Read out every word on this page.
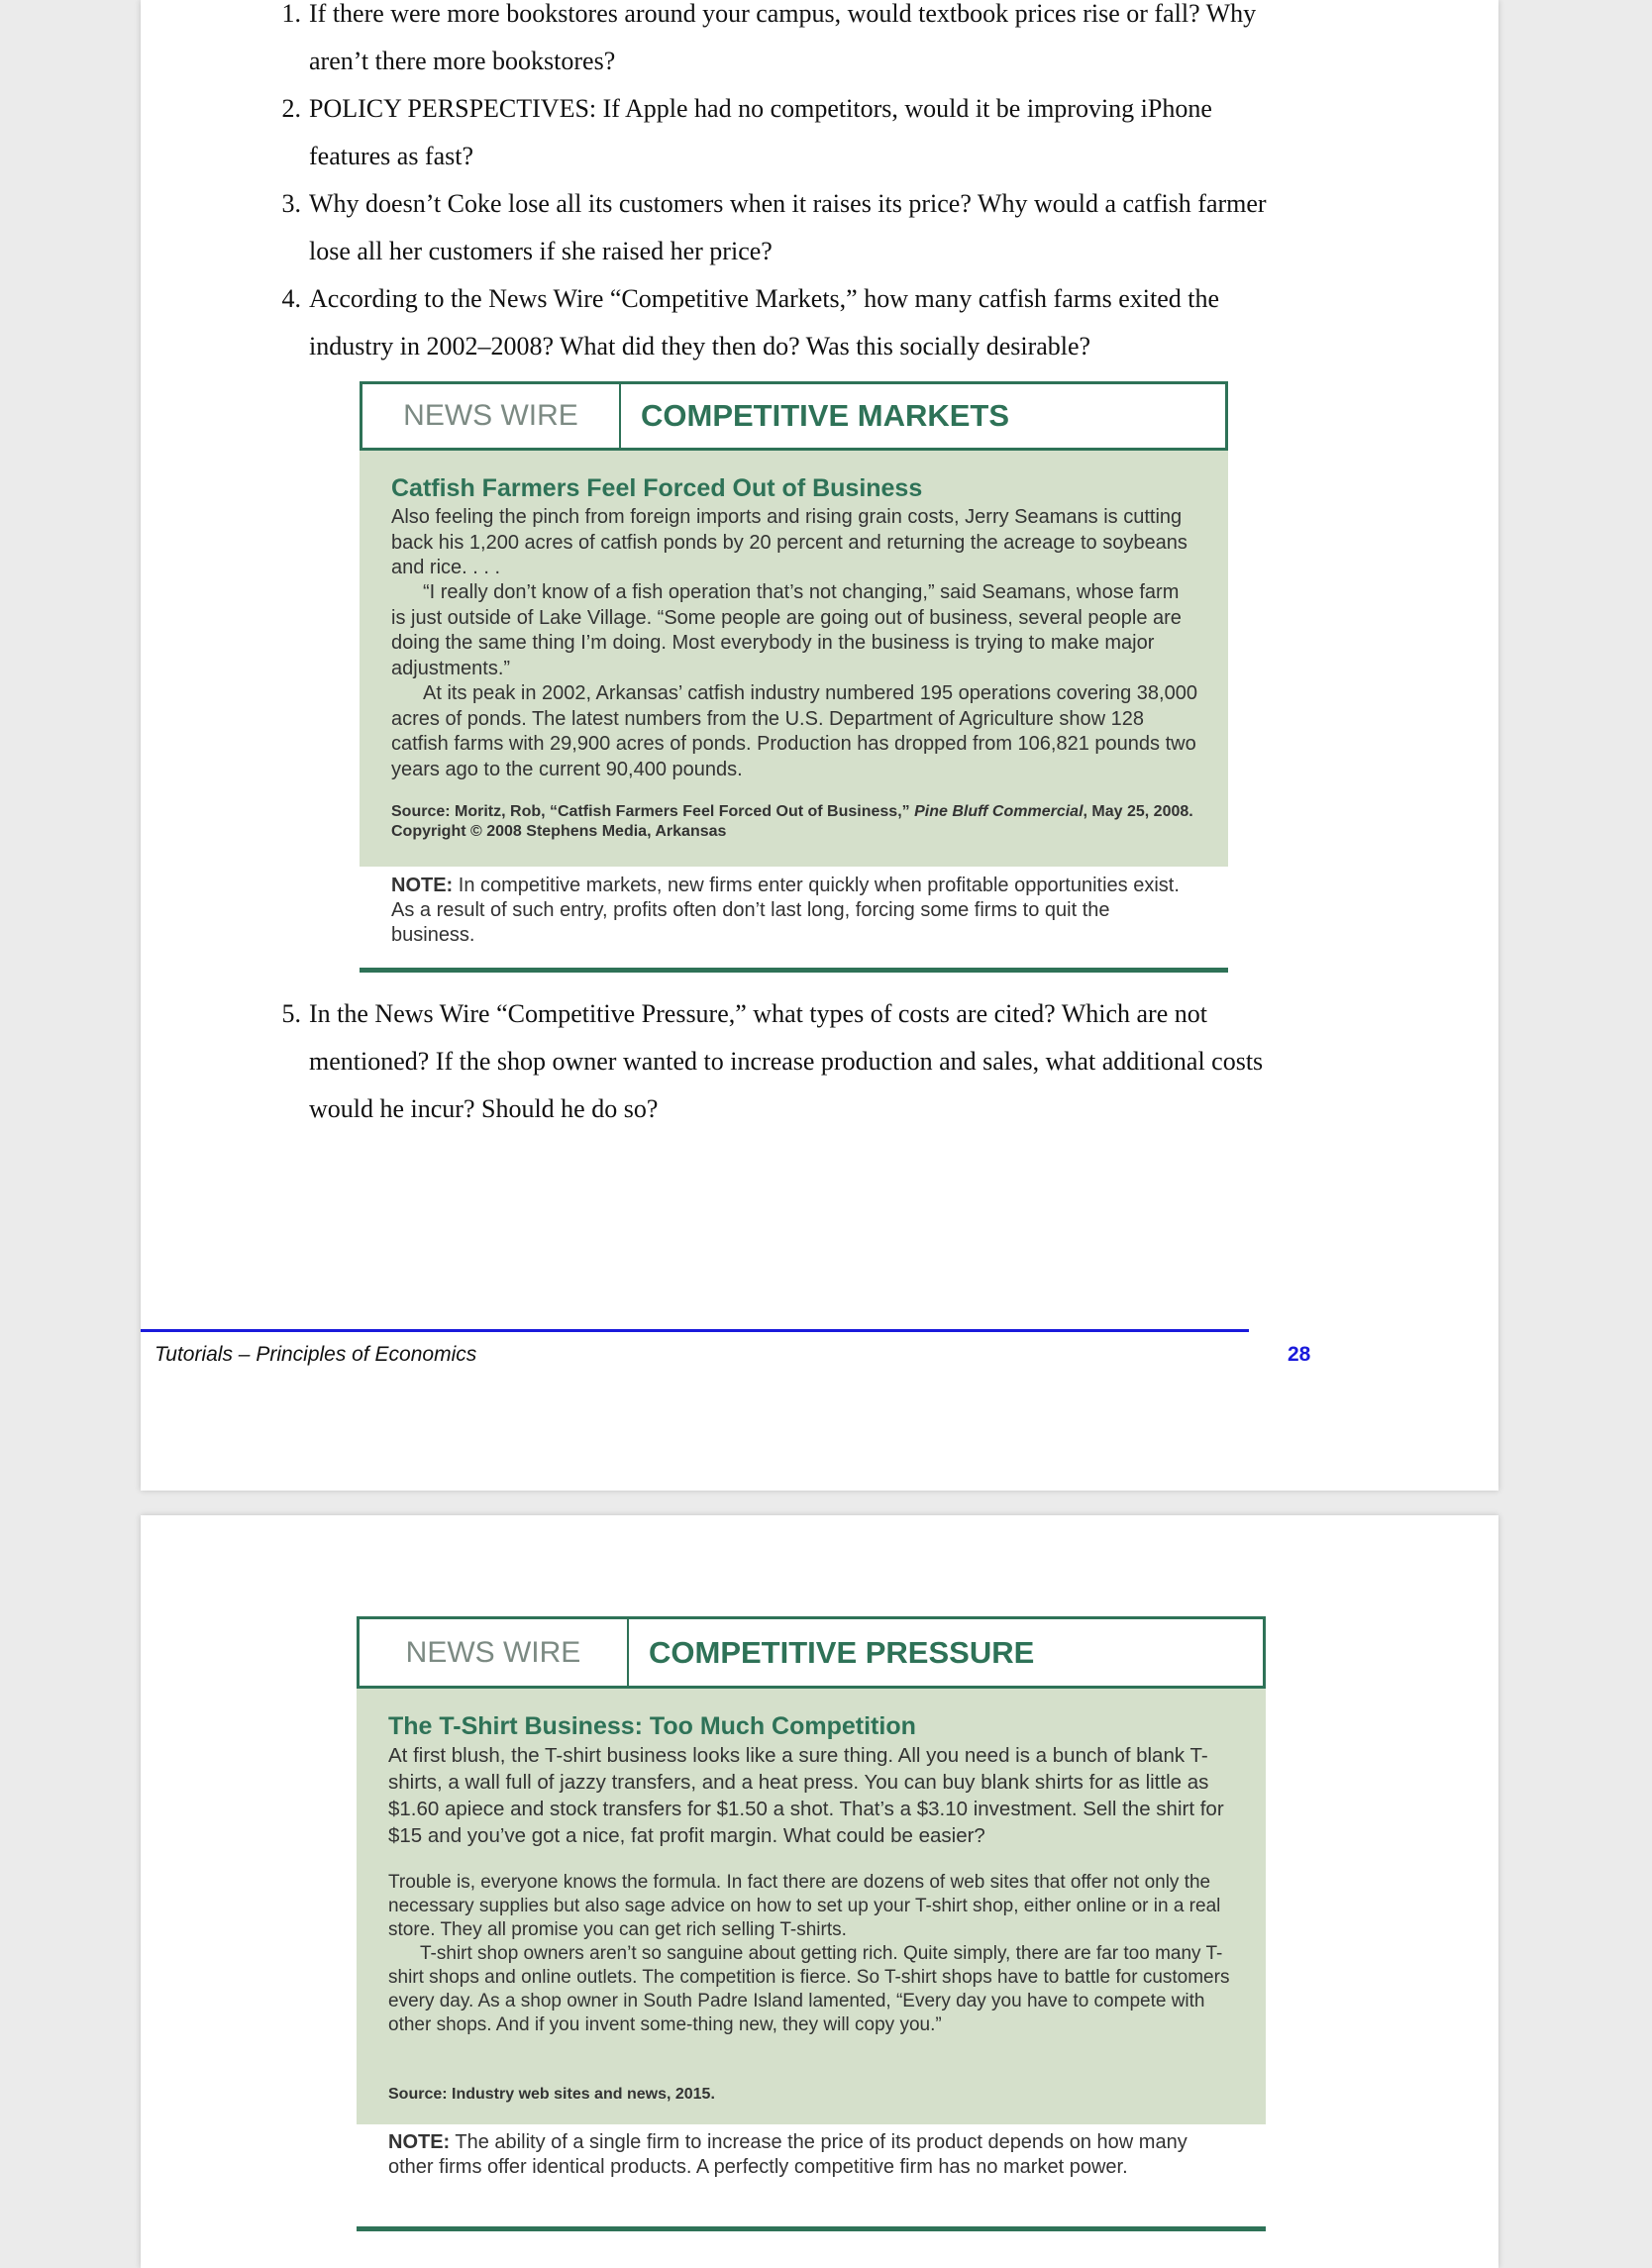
1. If there were more bookstores around your campus, would textbook prices rise or fall? Why aren’t there more bookstores?
2. POLICY PERSPECTIVES: If Apple had no competitors, would it be improving iPhone features as fast?
3. Why doesn’t Coke lose all its customers when it raises its price? Why would a catfish farmer lose all her customers if she raised her price?
4. According to the News Wire “Competitive Markets,” how many catfish farms exited the industry in 2002–2008? What did they then do? Was this socially desirable?
NEWS WIRE	COMPETITIVE MARKETS
Catfish Farmers Feel Forced Out of Business

Also feeling the pinch from foreign imports and rising grain costs, Jerry Seamans is cutting back his 1,200 acres of catfish ponds by 20 percent and returning the acreage to soybeans and rice. . . .

“I really don’t know of a fish operation that’s not changing,” said Seamans, whose farm is just outside of Lake Village. “Some people are going out of business, several people are doing the same thing I’m doing. Most everybody in the business is trying to make major adjustments.”

At its peak in 2002, Arkansas’ catfish industry numbered 195 operations covering 38,000 acres of ponds. The latest numbers from the U.S. Department of Agriculture show 128 catfish farms with 29,900 acres of ponds. Production has dropped from 106,821 pounds two years ago to the current 90,400 pounds.

Source: Moritz, Rob, “Catfish Farmers Feel Forced Out of Business,” Pine Bluff Commercial, May 25, 2008.
Copyright © 2008 Stephens Media, Arkansas

NOTE: In competitive markets, new firms enter quickly when profitable opportunities exist. As a result of such entry, profits often don’t last long, forcing some firms to quit the business.
5. In the News Wire “Competitive Pressure,” what types of costs are cited? Which are not mentioned? If the shop owner wanted to increase production and sales, what additional costs would he incur? Should he do so?
Tutorials – Principles of Economics	28
NEWS WIRE	COMPETITIVE PRESSURE
The T-Shirt Business: Too Much Competition

At first blush, the T-shirt business looks like a sure thing. All you need is a bunch of blank T-shirts, a wall full of jazzy transfers, and a heat press. You can buy blank shirts for as little as $1.60 apiece and stock transfers for $1.50 a shot. That’s a $3.10 investment. Sell the shirt for $15 and you’ve got a nice, fat profit margin. What could be easier?

Trouble is, everyone knows the formula. In fact there are dozens of web sites that offer not only the necessary supplies but also sage advice on how to set up your T-shirt shop, either online or in a real store. They all promise you can get rich selling T-shirts.

T-shirt shop owners aren’t so sanguine about getting rich. Quite simply, there are far too many T-shirt shops and online outlets. The competition is fierce. So T-shirt shops have to battle for customers every day. As a shop owner in South Padre Island lamented, “Every day you have to compete with other shops. And if you invent some-thing new, they will copy you.”

Source: Industry web sites and news, 2015.

NOTE: The ability of a single firm to increase the price of its product depends on how many other firms offer identical products. A perfectly competitive firm has no market power.
